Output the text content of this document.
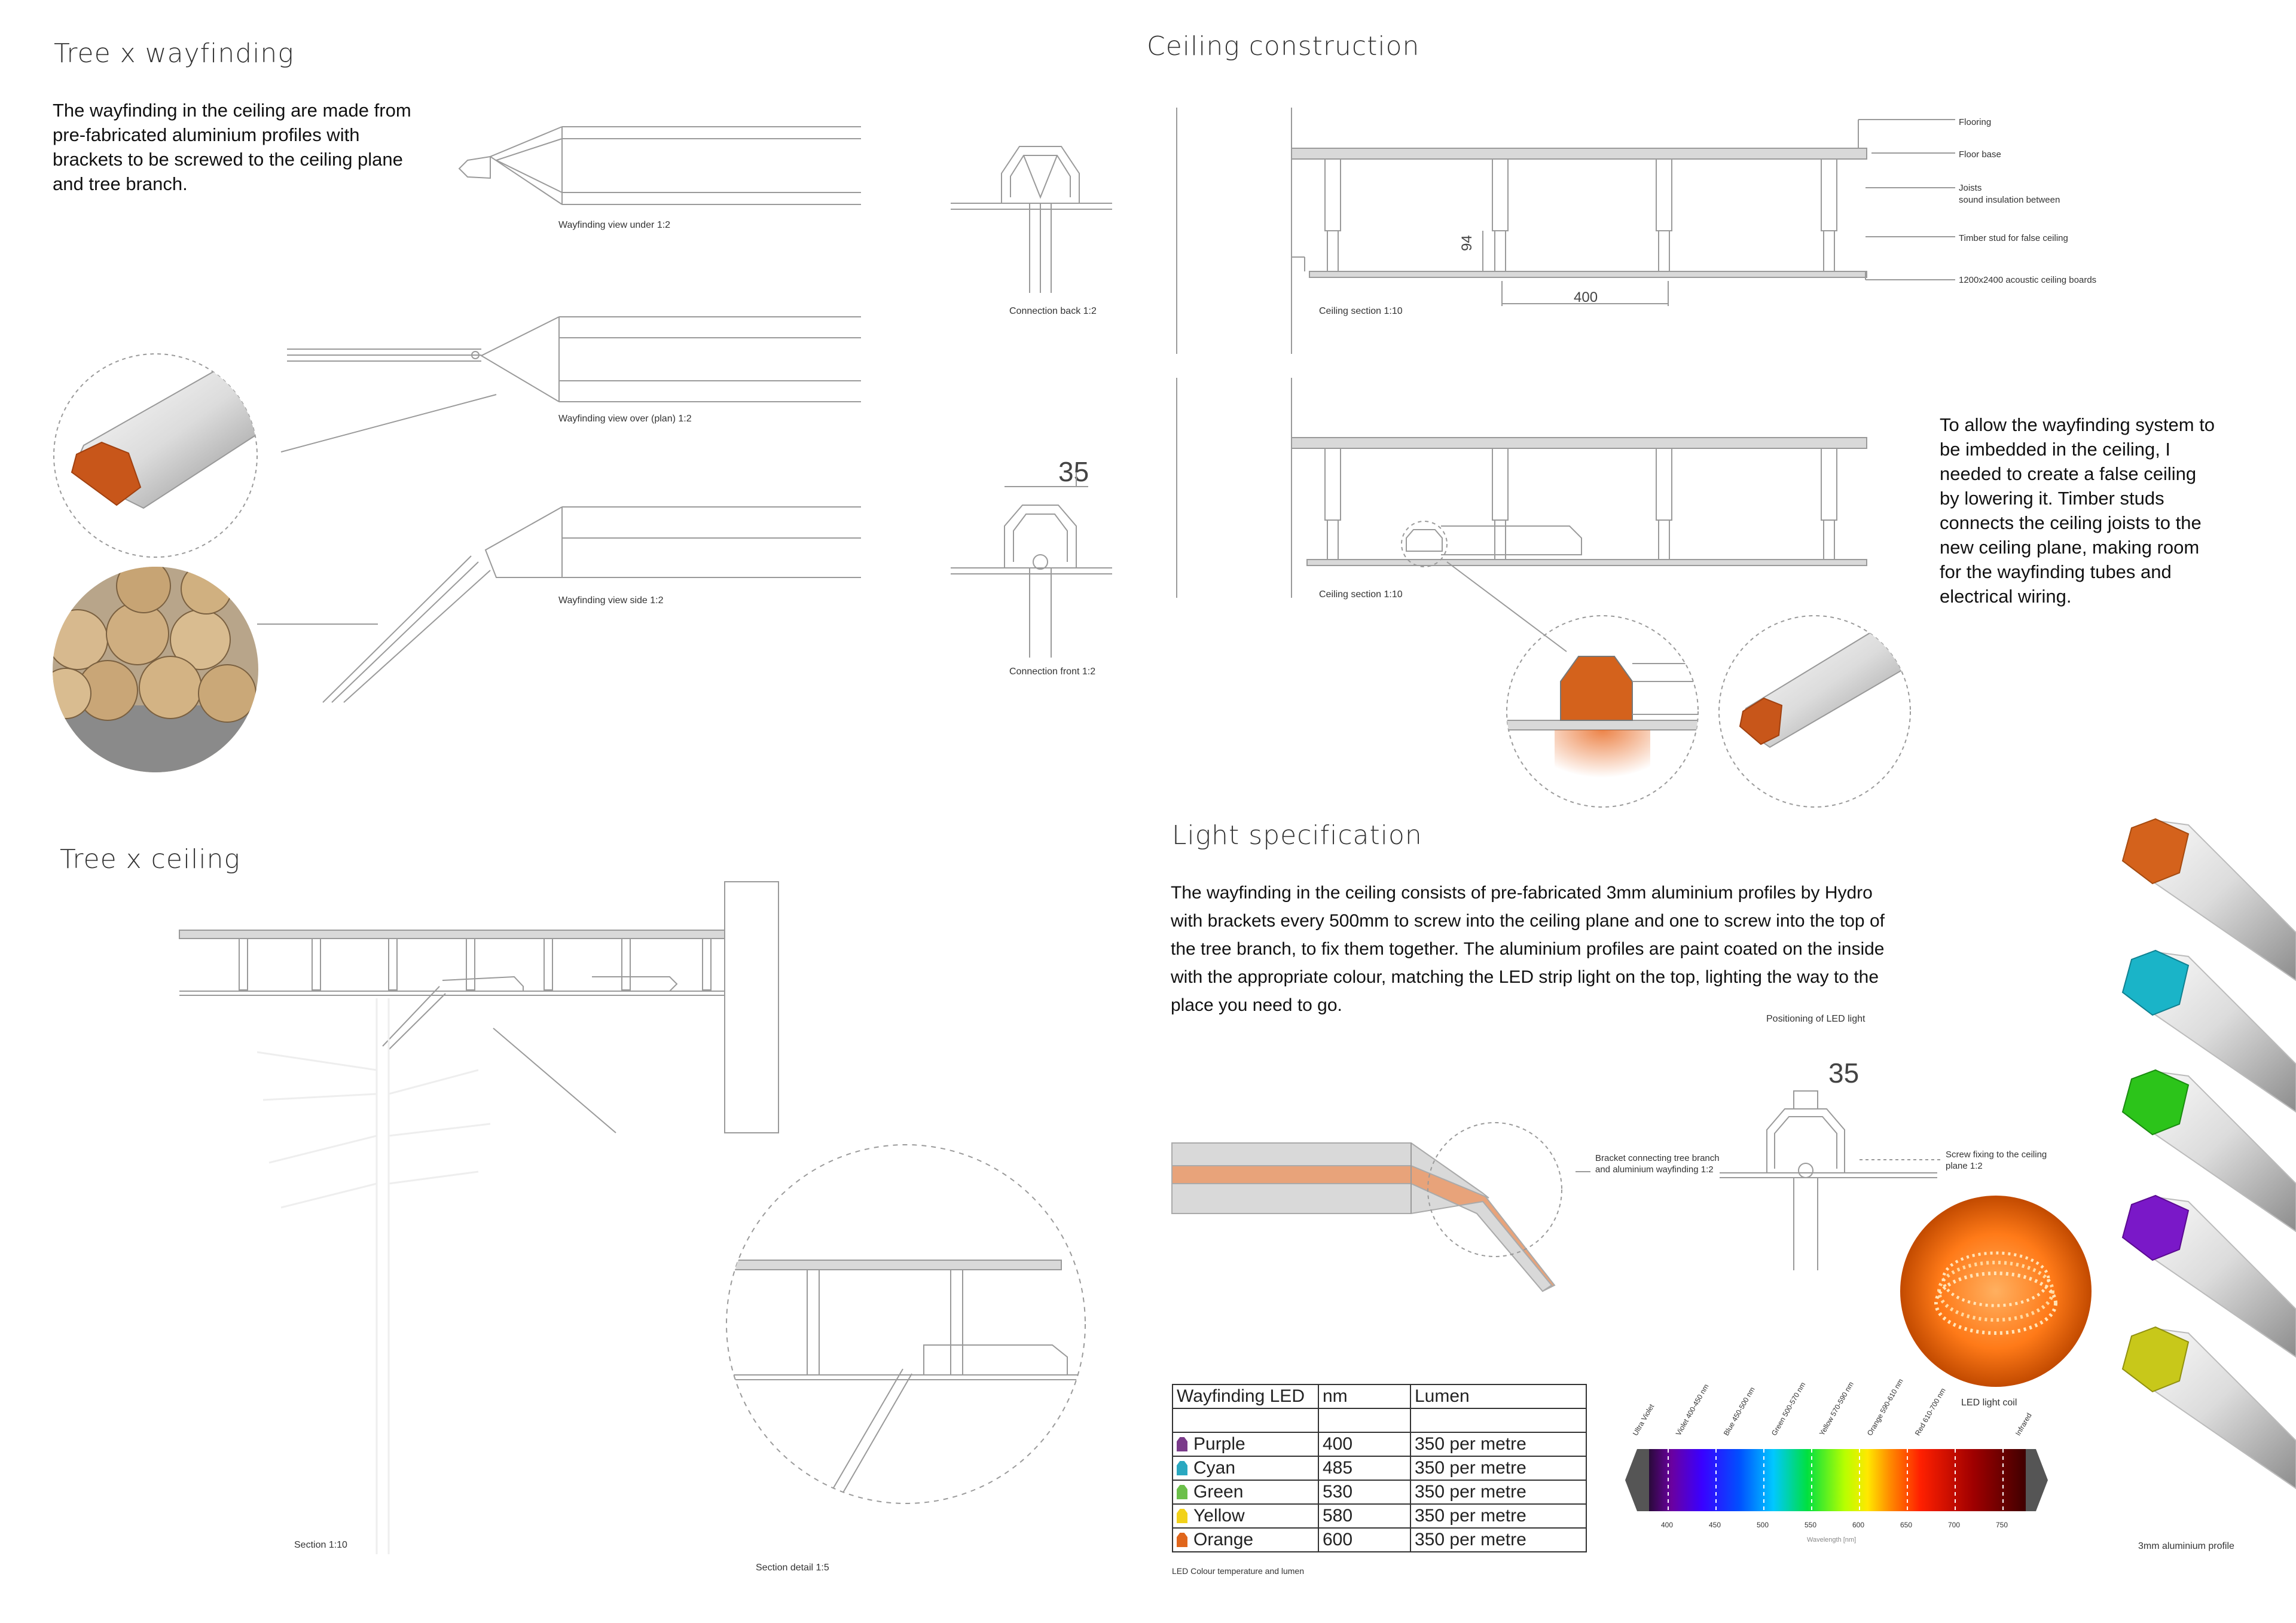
Tree x wayfinding
The wayfinding in the ceiling are made from pre-fabricated aluminium profiles with brackets to be screwed to the ceiling plane and tree branch.
Wayfinding view under 1:2
Wayfinding view over (plan) 1:2
Wayfinding view side 1:2
Connection back 1:2
Connection front 1:2
35
Ceiling construction
Flooring
Floor base
Joists
sound insulation between
Timber stud for false ceiling
1200x2400 acoustic ceiling boards
94
400
Ceiling section 1:10
Ceiling section 1:10
To allow the wayfinding system to be imbedded in the ceiling, I needed to create a false ceiling by lowering it. Timber studs connects the ceiling joists to the new ceiling plane, making room for the wayfinding tubes and electrical wiring.
Tree x ceiling
Section 1:10
Section detail 1:5
Light specification
The wayfinding in the ceiling consists of pre-fabricated 3mm aluminium profiles by Hydro with brackets every 500mm to screw into the ceiling plane and one to screw into the top of the tree branch, to fix them together. The aluminium profiles are paint coated on the inside with the appropriate colour, matching the LED strip light on the top, lighting the way to the place you need to go.
Positioning of LED light
35
Bracket connecting tree branch and aluminium wayfinding 1:2
Screw fixing to the ceiling plane 1:2
LED light coil
3mm aluminium profile
LED Colour temperature and lumen
Wayfinding LED	nm	Lumen

Purple	400	350 per metre
Cyan	485	350 per metre
Green	530	350 per metre
Yellow	580	350 per metre
Orange	600	350 per metre
Ultra Violet	Violet 400-450 nm Blue 450-500 nm Green 500-570 nm Yellow 570-590 nm Orange 590-610 nm Red 610-700 nm	Infrared
400	450	500	550	600	650	700	750
Wavelength [nm]
